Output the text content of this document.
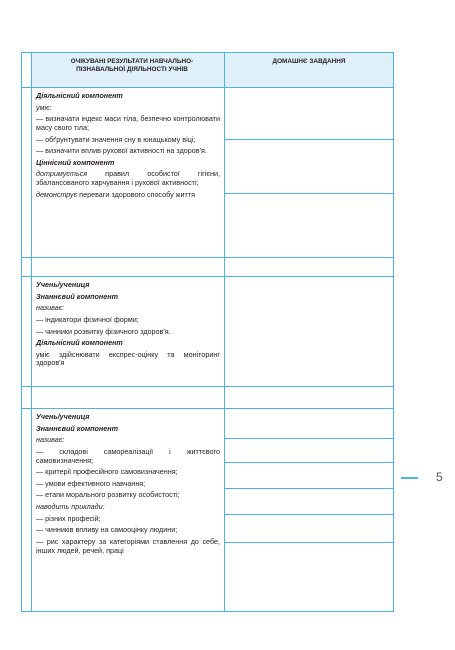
ОЧІКУВАНІ РЕЗУЛЬТАТИ НАВЧАЛЬНО-ПІЗНАВАЛЬНОЇ ДІЯЛЬНОСТІ УЧНІВ
ДОМАШНЄ ЗАВДАННЯ

Діяльнісний компонент

уміє:

— визначати індекс маси тіла, безпечно контролювати масу свого тіла;

— обґрунтувати значення сну в юнацькому віці;

— визначити вплив рухової активності на здоров'я.

Ціннісний компонент

дотримується правил особистої гігієни, збалансованого харчування і рухової активності;

демонструє переваги здорового способу життя

Учень/учениця

Знаннєвий компонент

називає:

— індикатори фізичної форми;

— чинники розвитку фізичного здоров'я.

Діяльнісний компонент

уміє здійснювати експрес-оцінку та моніторинг здоров'я

Учень/учениця

Знаннєвий компонент

називає:

— складові самореалізації і життєвого самовизначення;

— критерії професійного самовизначення;

— умови ефективного навчання;

— етапи морального розвитку особистості;

наводить приклади:

— різних професій;

— чинників впливу на самооцінку людини;

— рис характеру за категоріями ставлення до себе, інших людей, речей, праці

5
